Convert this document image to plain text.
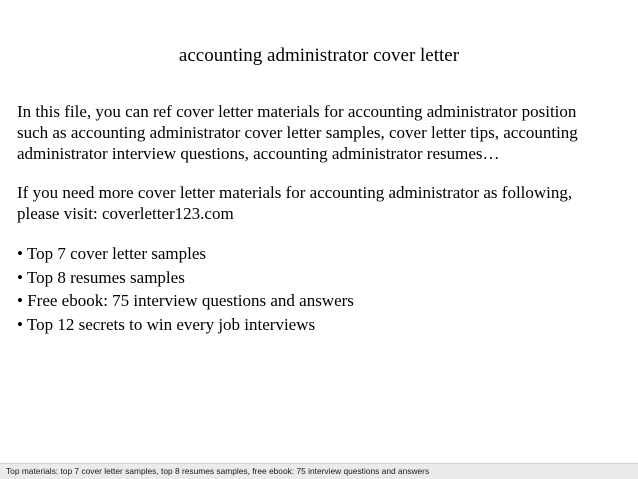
accounting administrator cover letter
In this file, you can ref cover letter materials for accounting administrator position
such as accounting administrator cover letter samples, cover letter tips, accounting
administrator interview questions, accounting administrator resumes…
If you need more cover letter materials for accounting administrator as following,
please visit: coverletter123.com
• Top 7 cover letter samples
• Top 8 resumes samples
• Free ebook: 75 interview questions and answers
• Top 12 secrets to win every job interviews
Top materials: top 7 cover letter samples, top 8 resumes samples, free ebook: 75 interview questions and answers
